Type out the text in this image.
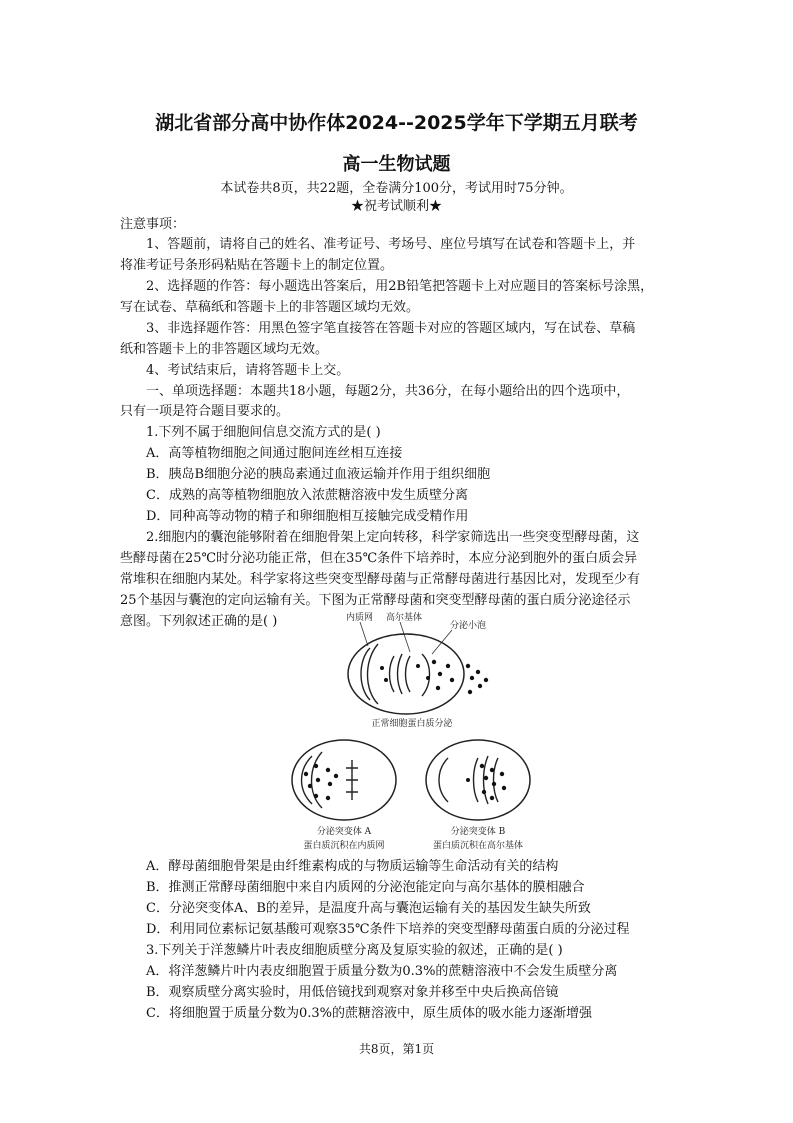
湖北省部分高中协作体2024--2025学年下学期五月联考
高一生物试题
本试卷共8页，共22题，全卷满分100分，考试用时75分钟。
★祝考试顺利★
注意事项：
1、答题前，请将自己的姓名、准考证号、考场号、座位号填写在试卷和答题卡上，并
将准考证号条形码粘贴在答题卡上的制定位置。
2、选择题的作答：每小题选出答案后，用2B铅笔把答题卡上对应题目的答案标号涂黑，
写在试卷、草稿纸和答题卡上的非答题区域均无效。
3、非选择题作答：用黑色签字笔直接答在答题卡对应的答题区域内，写在试卷、草稿
纸和答题卡上的非答题区域均无效。
4、考试结束后，请将答题卡上交。
一、单项选择题：本题共18小题，每题2分，共36分，在每小题给出的四个选项中，
只有一项是符合题目要求的。
1.下列不属于细胞间信息交流方式的是( )
A．高等植物细胞之间通过胞间连丝相互连接
B．胰岛B细胞分泌的胰岛素通过血液运输并作用于组织细胞
C．成熟的高等植物细胞放入浓蔗糖溶液中发生质壁分离
D．同种高等动物的精子和卵细胞相互接触完成受精作用
2.细胞内的囊泡能够附着在细胞骨架上定向转移，科学家筛选出一些突变型酵母菌，这
些酵母菌在25℃时分泌功能正常，但在35℃条件下培养时，本应分泌到胞外的蛋白质会异
常堆积在细胞内某处。科学家将这些突变型酵母菌与正常酵母菌进行基因比对，发现至少有
25个基因与囊泡的定向运输有关。下图为正常酵母菌和突变型酵母菌的蛋白质分泌途径示
意图。下列叙述正确的是( )	内质网 高尔基体
分泌小泡
正常细胞蛋白质分泌
分泌突变体 A
蛋白质沉积在内质网
分泌突变体 B
蛋白质沉积在高尔基体
A．酵母菌细胞骨架是由纤维素构成的与物质运输等生命活动有关的结构
B．推测正常酵母菌细胞中来自内质网的分泌泡能定向与高尔基体的膜相融合
C．分泌突变体A、B的差异，是温度升高与囊泡运输有关的基因发生缺失所致
D．利用同位素标记氨基酸可观察35℃条件下培养的突变型酵母菌蛋白质的分泌过程
3.下列关于洋葱鳞片叶表皮细胞质壁分离及复原实验的叙述，正确的是( )
A．将洋葱鳞片叶内表皮细胞置于质量分数为0.3%的蔗糖溶液中不会发生质壁分离
B．观察质壁分离实验时，用低倍镜找到观察对象并移至中央后换高倍镜
C．将细胞置于质量分数为0.3%的蔗糖溶液中，原生质体的吸水能力逐渐增强
共8页，第1页
